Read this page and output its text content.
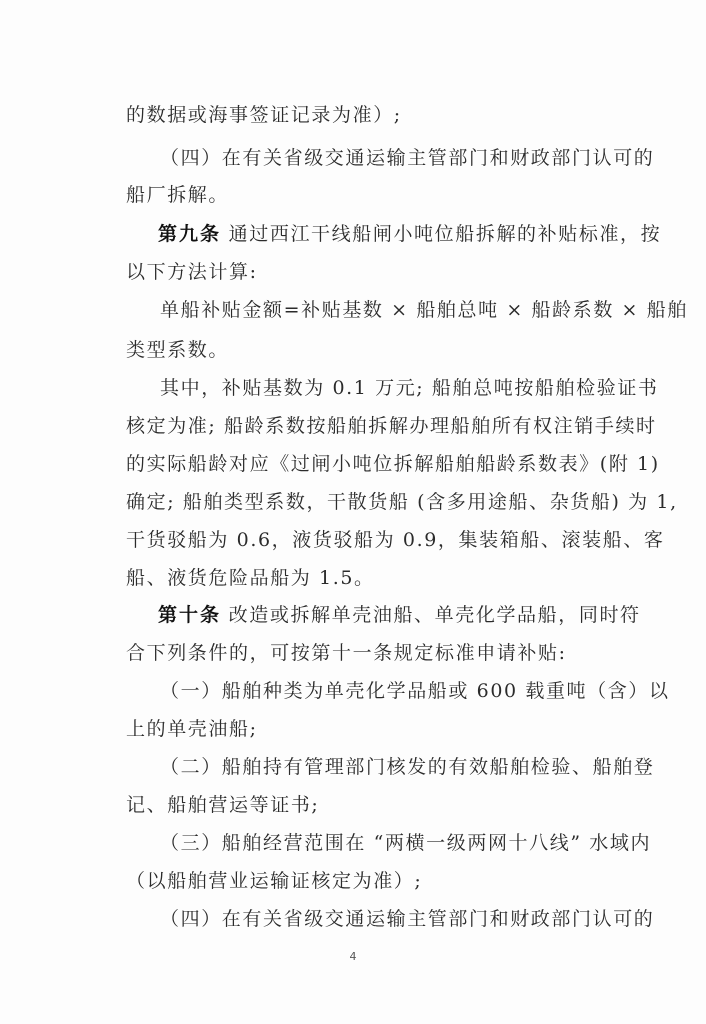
的数据或海事签证记录为准）;
（四）在有关省级交通运输主管部门和财政部门认可的
船厂拆解。
第九条 通过西江干线船闸小吨位船拆解的补贴标准，按
以下方法计算:
单船补贴金额=补贴基数 × 船舶总吨 × 船龄系数 × 船舶
类型系数。
其中，补贴基数为 0.1 万元; 船舶总吨按船舶检验证书
核定为准; 船龄系数按船舶拆解办理船舶所有权注销手续时
的实际船龄对应《过闸小吨位拆解船舶船龄系数表》(附 1)
确定; 船舶类型系数，干散货船 (含多用途船、杂货船) 为 1,
干货驳船为 0.6，液货驳船为 0.9，集装箱船、滚装船、客
船、液货危险品船为 1.5。
第十条 改造或拆解单壳油船、单壳化学品船，同时符
合下列条件的，可按第十一条规定标准申请补贴:
（一）船舶种类为单壳化学品船或 600 载重吨（含）以
上的单壳油船;
（二）船舶持有管理部门核发的有效船舶检验、船舶登
记、船舶营运等证书;
（三）船舶经营范围在 “两横一级两网十八线” 水域内
（以船舶营业运输证核定为准）;
（四）在有关省级交通运输主管部门和财政部门认可的
4
